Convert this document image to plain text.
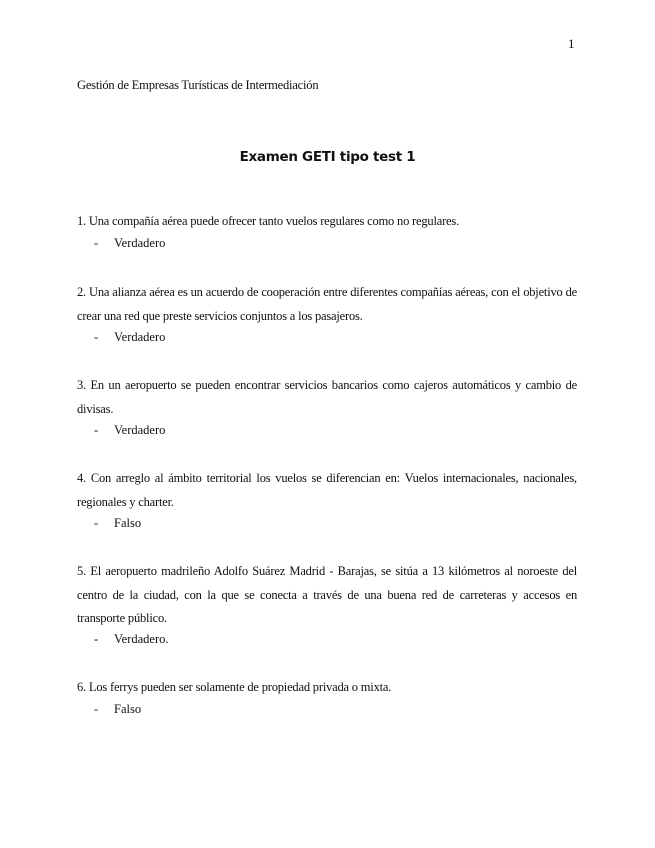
1
Gestión de Empresas Turísticas de Intermediación
Examen GETI tipo test 1
1. Una compañía aérea puede ofrecer tanto vuelos regulares como no regulares.
- Verdadero
2. Una alianza aérea es un acuerdo de cooperación entre diferentes compañías aéreas, con el objetivo de crear una red que preste servicios conjuntos a los pasajeros.
- Verdadero
3. En un aeropuerto se pueden encontrar servicios bancarios como cajeros automáticos y cambio de divisas.
- Verdadero
4. Con arreglo al ámbito territorial los vuelos se diferencian en: Vuelos internacionales, nacionales, regionales y charter.
- Falso
5. El aeropuerto madrileño Adolfo Suárez Madrid - Barajas, se sitúa a 13 kilómetros al noroeste del centro de la ciudad, con la que se conecta a través de una buena red de carreteras y accesos en transporte público.
- Verdadero.
6. Los ferrys pueden ser solamente de propiedad privada o mixta.
- Falso
